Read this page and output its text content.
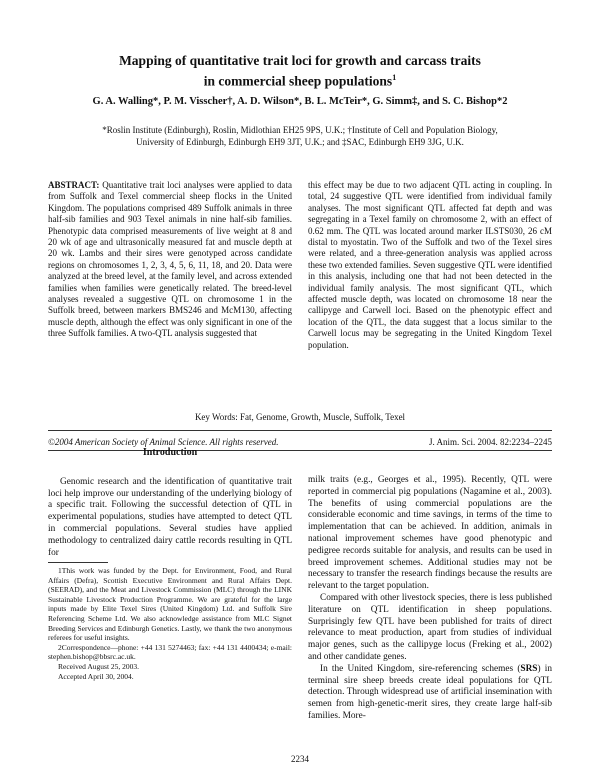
Mapping of quantitative trait loci for growth and carcass traits
in commercial sheep populations$^1$
G. A. Walling*, P. M. Visscher†, A. D. Wilson*, B. L. McTeir*, G. Simm‡, and S. C. Bishop*2
*Roslin Institute (Edinburgh), Roslin, Midlothian EH25 9PS, U.K.; †Institute of Cell and Population Biology,
University of Edinburgh, Edinburgh EH9 3JT, U.K.; and ‡SAC, Edinburgh EH9 3JG, U.K.
ABSTRACT: Quantitative trait loci analyses were applied to data from Suffolk and Texel commercial sheep flocks in the United Kingdom. The populations comprised 489 Suffolk animals in three half-sib families and 903 Texel animals in nine half-sib families. Phenotypic data comprised measurements of live weight at 8 and 20 wk of age and ultrasonically measured fat and muscle depth at 20 wk. Lambs and their sires were genotyped across candidate regions on chromosomes 1, 2, 3, 4, 5, 6, 11, 18, and 20. Data were analyzed at the breed level, at the family level, and across extended families when families were genetically related. The breed-level analyses revealed a suggestive QTL on chromosome 1 in the Suffolk breed, between markers BMS246 and McM130, affecting muscle depth, although the effect was only significant in one of the three Suffolk families. A two-QTL analysis suggested that
this effect may be due to two adjacent QTL acting in coupling. In total, 24 suggestive QTL were identified from individual family analyses. The most significant QTL affected fat depth and was segregating in a Texel family on chromosome 2, with an effect of 0.62 mm. The QTL was located around marker ILSTS030, 26 cM distal to myostatin. Two of the Suffolk and two of the Texel sires were related, and a three-generation analysis was applied across these two extended families. Seven suggestive QTL were identified in this analysis, including one that had not been detected in the individual family analysis. The most significant QTL, which affected muscle depth, was located on chromosome 18 near the callipyge and Carwell loci. Based on the phenotypic effect and location of the QTL, the data suggest that a locus similar to the Carwell locus may be segregating in the United Kingdom Texel population.
Key Words: Fat, Genome, Growth, Muscle, Suffolk, Texel
©2004 American Society of Animal Science. All rights reserved.	J. Anim. Sci. 2004. 82:2234–2245
Introduction

Genomic research and the identification of quantitative trait loci help improve our understanding of the underlying biology of a specific trait. Following the successful detection of QTL in experimental populations, studies have attempted to detect QTL in commercial populations. Several studies have applied methodology to centralized dairy cattle records resulting in QTL for

1This work was funded by the Dept. for Environment, Food, and Rural Affairs (Defra), Scottish Executive Environment and Rural Affairs Dept. (SEERAD), and the Meat and Livestock Commission (MLC) through the LINK Sustainable Livestock Production Programme. We are grateful for the large inputs made by Elite Texel Sires (United Kingdom) Ltd. and Suffolk Sire Referencing Scheme Ltd. We also acknowledge assistance from MLC Signet Breeding Services and Edinburgh Genetics. Lastly, we thank the two anonymous referees for useful insights.

2Correspondence—phone: +44 131 5274463; fax: +44 131 4400434; e-mail: stephen.bishop@bbsrc.ac.uk.

Received August 25, 2003.

Accepted April 30, 2004.

milk traits (e.g., Georges et al., 1995). Recently, QTL were reported in commercial pig populations (Nagamine et al., 2003). The benefits of using commercial populations are the considerable economic and time savings, in terms of the time to implementation that can be achieved. In addition, animals in national improvement schemes have good phenotypic and pedigree records suitable for analysis, and results can be used in breed improvement schemes. Additional studies may not be necessary to transfer the research findings because the results are relevant to the target population.

Compared with other livestock species, there is less published literature on QTL identification in sheep populations. Surprisingly few QTL have been published for traits of direct relevance to meat production, apart from studies of individual major genes, such as the callipyge locus (Freking et al., 2002) and other candidate genes.

In the United Kingdom, sire-referencing schemes (SRS) in terminal sire sheep breeds create ideal populations for QTL detection. Through widespread use of artificial insemination with semen from high-genetic-merit sires, they create large half-sib families. More-

2234
